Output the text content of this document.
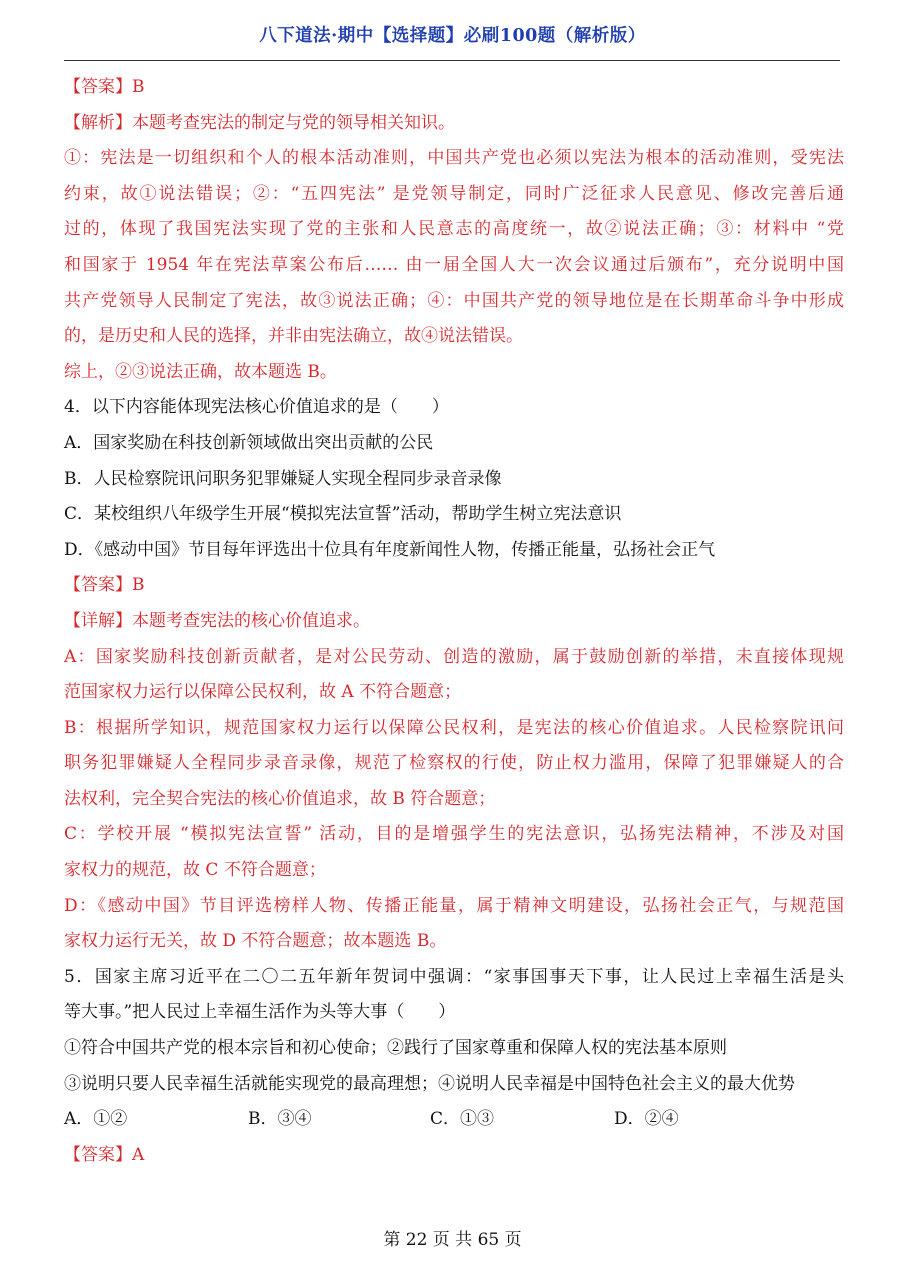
八下道法·期中【选择题】必刷100题（解析版）
【答案】B
【解析】本题考查宪法的制定与党的领导相关知识。
①：宪法是一切组织和个人的根本活动准则，中国共产党也必须以宪法为根本的活动准则，受宪法
约束，故①说法错误；②：“五四宪法” 是党领导制定，同时广泛征求人民意见、修改完善后通
过的，体现了我国宪法实现了党的主张和人民意志的高度统一，故②说法正确；③：材料中 “党
和国家于 1954 年在宪法草案公布后…… 由一届全国人大一次会议通过后颁布”，充分说明中国
共产党领导人民制定了宪法，故③说法正确；④：中国共产党的领导地位是在长期革命斗争中形成
的，是历史和人民的选择，并非由宪法确立，故④说法错误。
综上，②③说法正确，故本题选 B。
4．以下内容能体现宪法核心价值追求的是（　　）
A．国家奖励在科技创新领域做出突出贡献的公民
B．人民检察院讯问职务犯罪嫌疑人实现全程同步录音录像
C．某校组织八年级学生开展“模拟宪法宣誓”活动，帮助学生树立宪法意识
D．《感动中国》节目每年评选出十位具有年度新闻性人物，传播正能量，弘扬社会正气
【答案】B
【详解】本题考查宪法的核心价值追求。
A：国家奖励科技创新贡献者，是对公民劳动、创造的激励，属于鼓励创新的举措，未直接体现规
范国家权力运行以保障公民权利，故 A 不符合题意；
B：根据所学知识，规范国家权力运行以保障公民权利，是宪法的核心价值追求。人民检察院讯问
职务犯罪嫌疑人全程同步录音录像，规范了检察权的行使，防止权力滥用，保障了犯罪嫌疑人的合
法权利，完全契合宪法的核心价值追求，故 B 符合题意；
C：学校开展 “模拟宪法宣誓” 活动，目的是增强学生的宪法意识，弘扬宪法精神，不涉及对国
家权力的规范，故 C 不符合题意；
D：《感动中国》节目评选榜样人物、传播正能量，属于精神文明建设，弘扬社会正气，与规范国
家权力运行无关，故 D 不符合题意；故本题选 B。
5．国家主席习近平在二〇二五年新年贺词中强调：“家事国事天下事，让人民过上幸福生活是头
等大事。”把人民过上幸福生活作为头等大事（　　）
①符合中国共产党的根本宗旨和初心使命；②践行了国家尊重和保障人权的宪法基本原则
③说明只要人民幸福生活就能实现党的最高理想；④说明人民幸福是中国特色社会主义的最大优势
A．①②	B．③④	C．①③	D．②④
【答案】A
第 22 页 共 65 页
